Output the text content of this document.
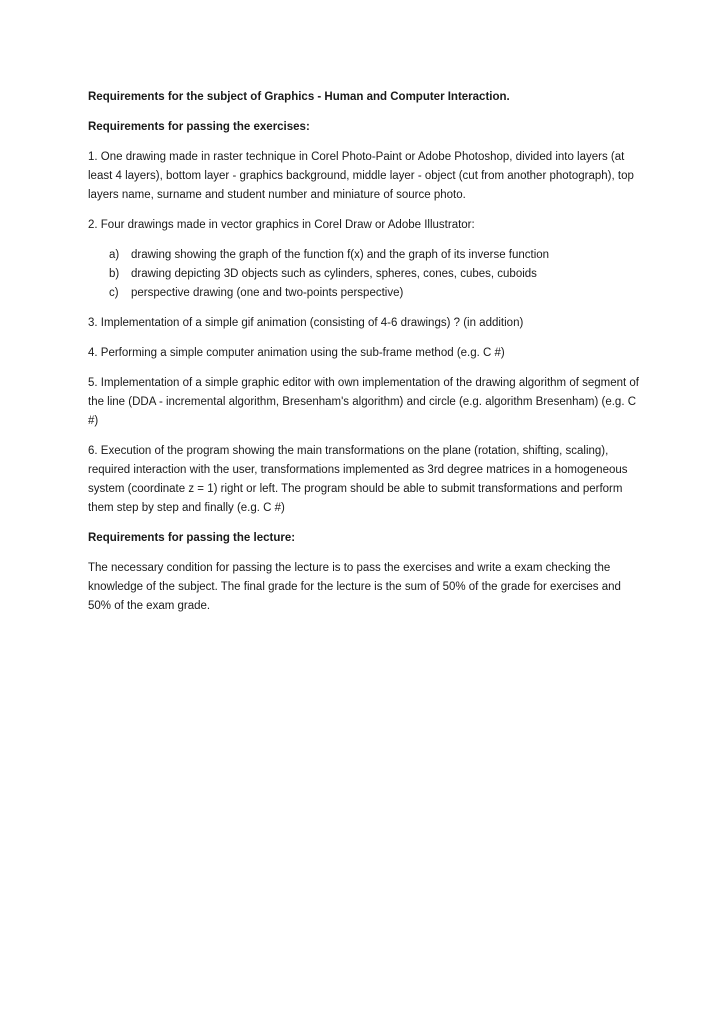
Requirements for the subject of Graphics - Human and Computer Interaction.

Requirements for passing the exercises:

1. One drawing made in raster technique in Corel Photo-Paint or Adobe Photoshop, divided into layers (at least 4 layers), bottom layer - graphics background, middle layer - object (cut from another photograph), top layers name, surname and student number and miniature of source photo.

2. Four drawings made in vector graphics in Corel Draw or Adobe Illustrator:

a)	drawing showing the graph of the function f(x) and the graph of its inverse function
b)	drawing depicting 3D objects such as cylinders, spheres, cones, cubes, cuboids
c)	perspective drawing (one and two-points perspective)

3. Implementation of a simple gif animation (consisting of 4-6 drawings) ? (in addition)

4. Performing a simple computer animation using the sub-frame method (e.g. C #)

5. Implementation of a simple graphic editor with own implementation of the drawing algorithm of segment of the line (DDA - incremental algorithm, Bresenham's algorithm) and circle (e.g. algorithm Bresenham) (e.g. C #)

6. Execution of the program showing the main transformations on the plane (rotation, shifting, scaling), required interaction with the user, transformations implemented as 3rd degree matrices in a homogeneous system (coordinate z = 1) right or left. The program should be able to submit transformations and perform them step by step and finally (e.g. C #)

Requirements for passing the lecture:

The necessary condition for passing the lecture is to pass the exercises and write a exam checking the knowledge of the subject. The final grade for the lecture is the sum of 50% of the grade for exercises and 50% of the exam grade.
